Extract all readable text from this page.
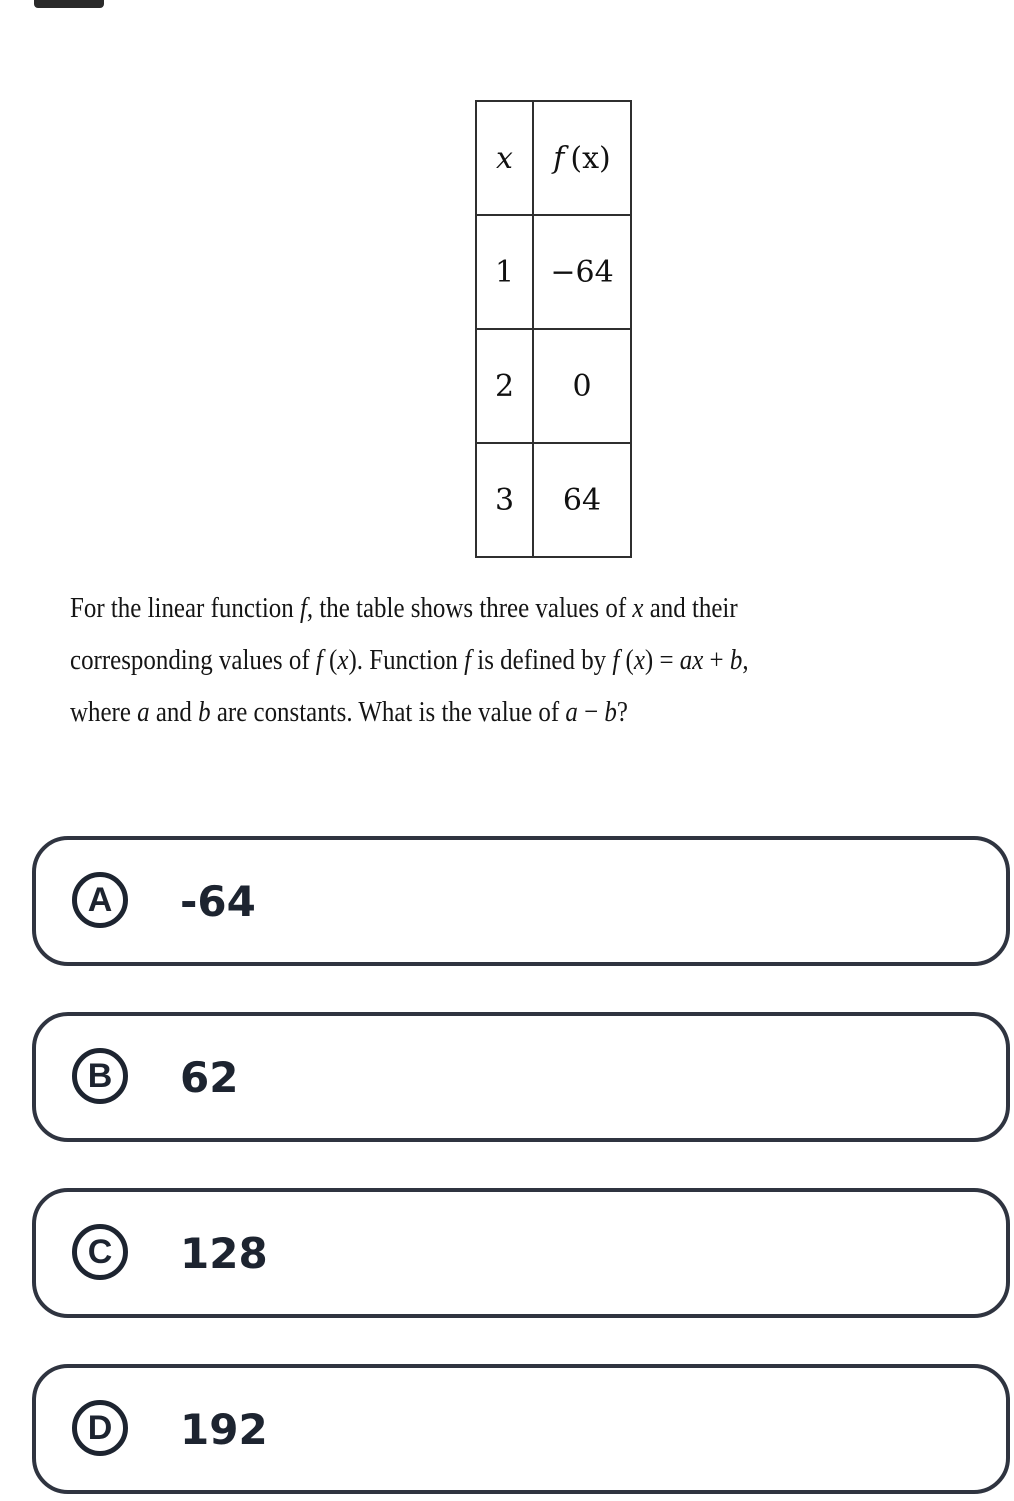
x	f  (x)
1	−64
2	0
3	64
For the linear function f, the table shows three values of x and their
corresponding values of f (x). Function f is defined by f (x) = ax + b,
where a and b are constants. What is the value of a − b?
A	-64
B	62
C	128
D	192
